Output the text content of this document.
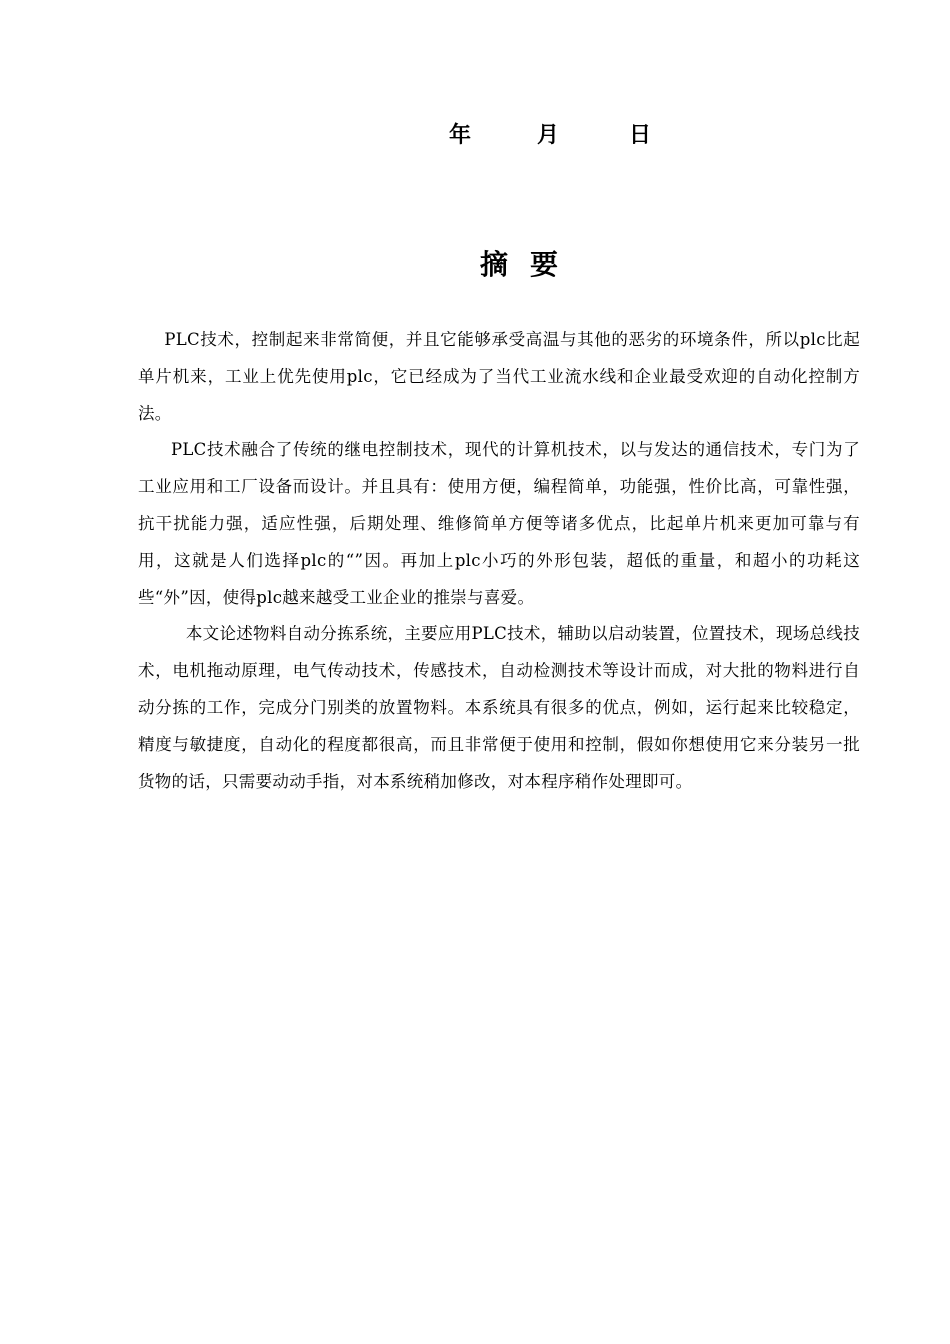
年	月	日
摘要

PLC技术，控制起来非常简便，并且它能够承受高温与其他的恶劣的环境条件，所以plc比起单片机来，工业上优先使用plc，它已经成为了当代工业流水线和企业最受欢迎的自动化控制方法。

PLC技术融合了传统的继电控制技术，现代的计算机技术，以与发达的通信技术，专门为了工业应用和工厂设备而设计。并且具有：使用方便，编程简单，功能强，性价比高，可靠性强，抗干扰能力强，适应性强，后期处理、维修简单方便等诸多优点，比起单片机来更加可靠与有用，这就是人们选择plc的“”因。再加上plc小巧的外形包装，超低的重量，和超小的功耗这些“外”因，使得plc越来越受工业企业的推崇与喜爱。

本文论述物料自动分拣系统，主要应用PLC技术，辅助以启动装置，位置技术，现场总线技术，电机拖动原理，电气传动技术，传感技术，自动检测技术等设计而成，对大批的物料进行自动分拣的工作，完成分门别类的放置物料。本系统具有很多的优点，例如，运行起来比较稳定，精度与敏捷度，自动化的程度都很高，而且非常便于使用和控制，假如你想使用它来分装另一批货物的话，只需要动动手指，对本系统稍加修改，对本程序稍作处理即可。
